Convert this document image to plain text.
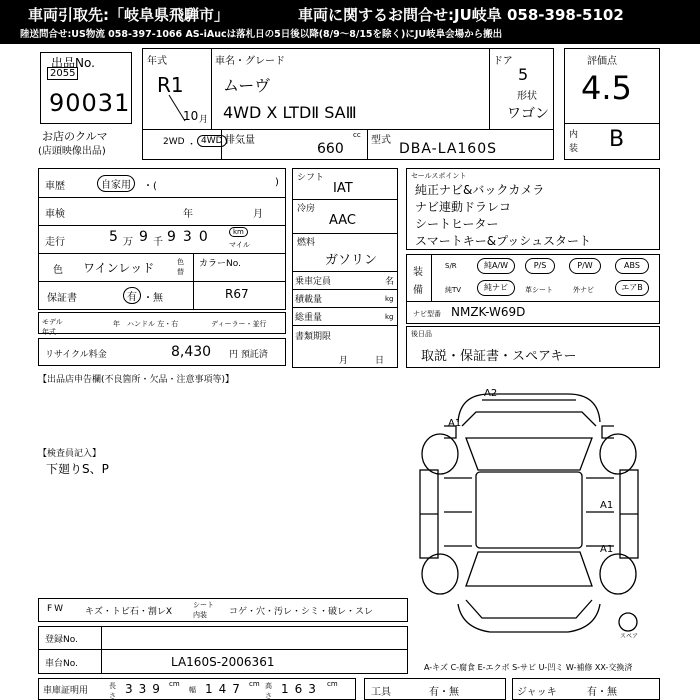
車両引取先:「岐阜県飛騨市」	車両に関するお問合せ:JU岐阜 058-398-5102
陸送問合せ:US物流 058-397-1066 AS-iAucは落札日の5日後以降(8/9〜8/15を除く)にJU岐阜会場から搬出
出品No.
2055
90031
お店のクルマ
(店頭映像出品)
年式
R1
10 月
車名・グレード
ムーヴ
4WD X LTDⅡ SAⅢ
ドア
5
形状
ワゴン
2WD ・ 4WD 排気量	cc
660
型式
DBA-LA160S
評価点
4.5
内
装 B
車歴	自家用	・(	)
車検	年	月
走行	5 万 9 千 930	km
マイル
色 ワインレッド	色
替
カラーNo.
R67
保証書	有 ・無
モデル年式
年 ハンドル 左・右	ディーラー・並行
リサイクル料金	8,430 円 預託済
シフト
IAT
冷房
AAC
燃料
ガソリン
乗車定員	名
積載量	kg
総重量	kg
書類期限
月	日
セールスポイント
純正ナビ&バックカメラ
ナビ連動ドラレコ
シートヒーター
スマートキー&プッシュスタート
装
備
S/R	純A/W	P/S	P/W	ABS
純TV	純ナビ	革シート	外ナビ	エアB
ナビ型番 NMZK-W69D
後日品
取説・保証書・スペアキー
【出品店申告欄(不良箇所・欠品・注意事項等)】
【検査員記入】
下廻りS、P
A2
A1
A1
A1
スペア
FW キズ・トビ石・割レX
シート
内装 コゲ・穴・汚レ・シミ・破レ・スレ
登録No.
車台No.	LA160S-2006361	A-キズ C-腐食 E-エクボ S-サビ U-凹ミ W-補修 XX-交換済
車庫証明用	長さ 339 cm
幅 147 cm 高さ 163 cm
工具	有・無	ジャッキ	有・無
